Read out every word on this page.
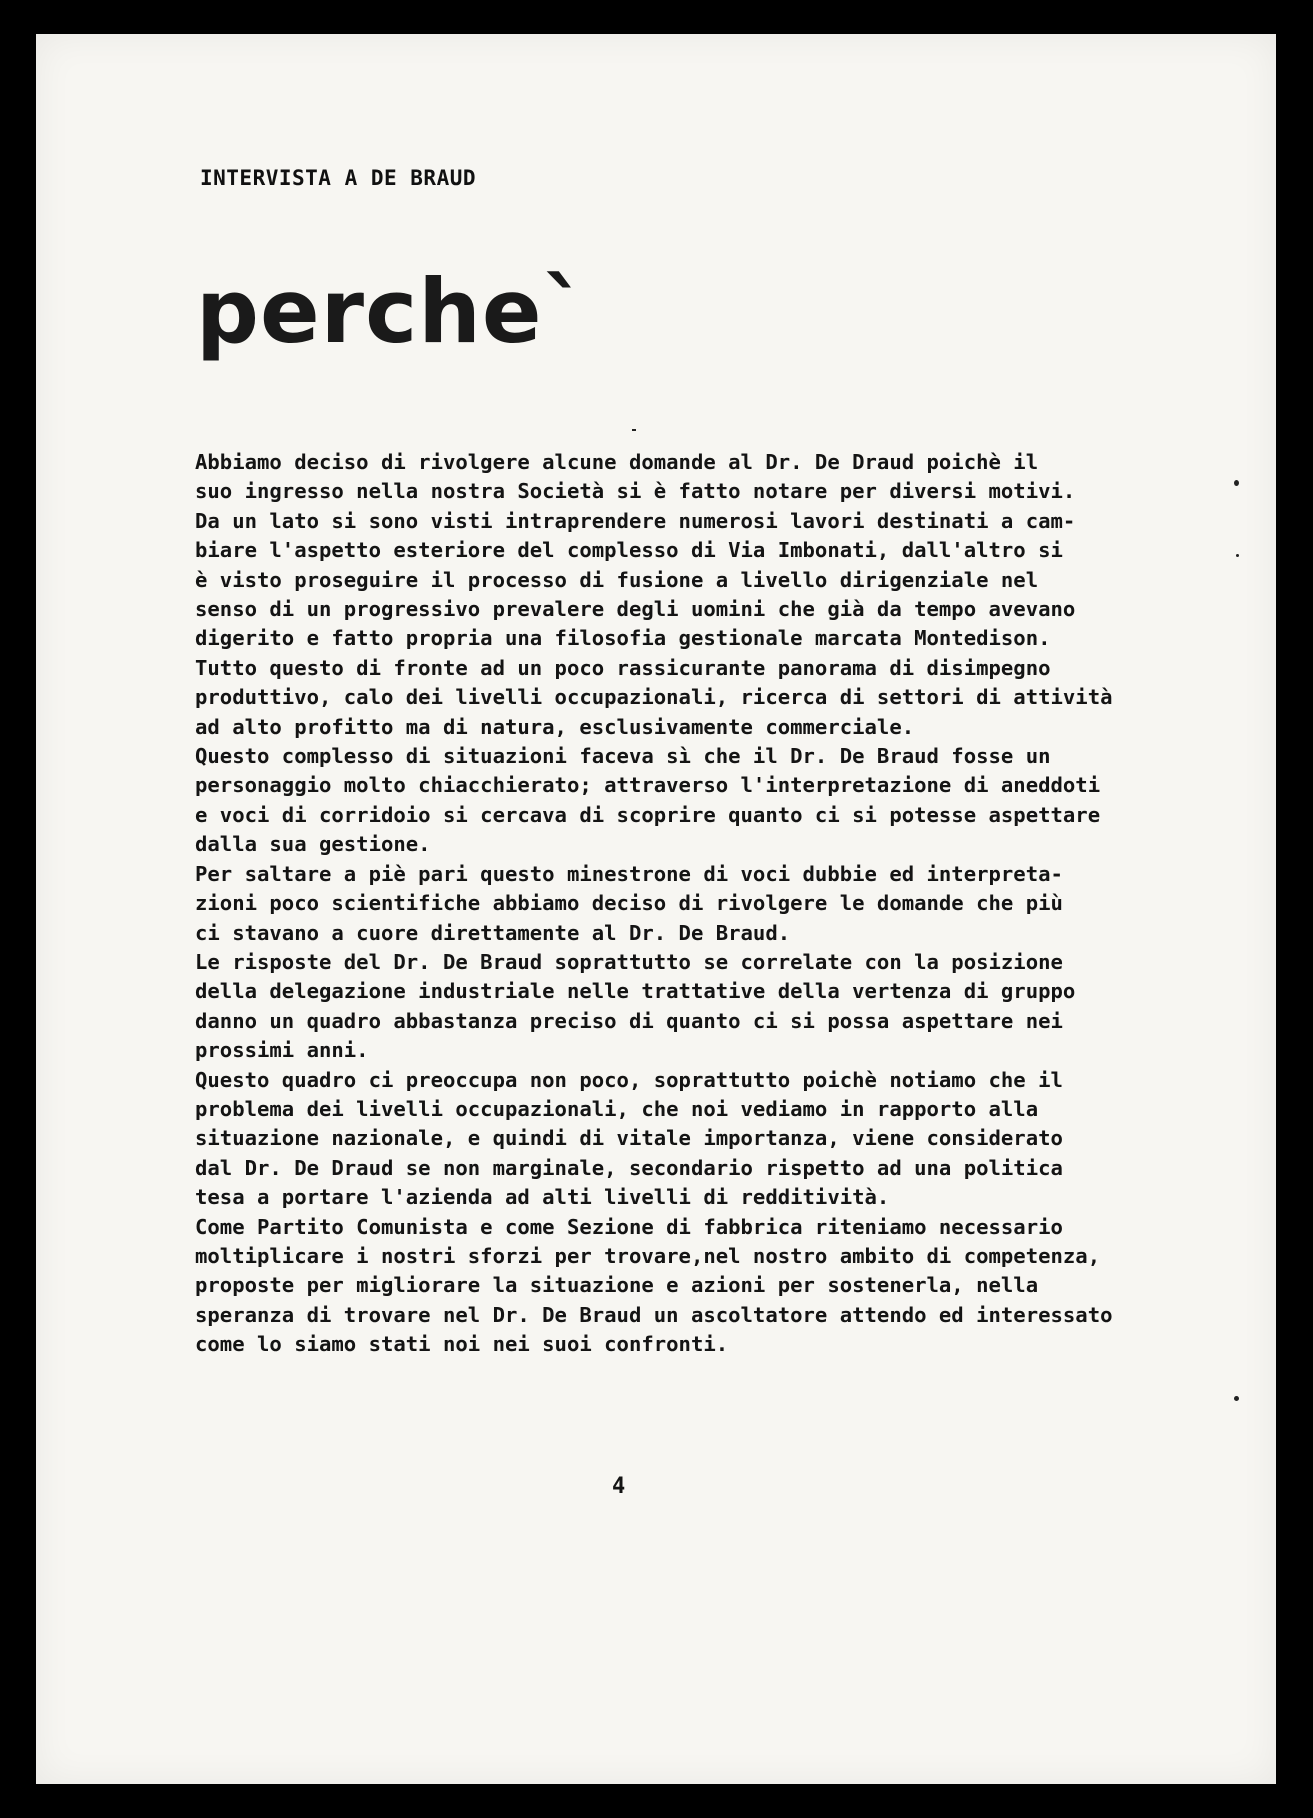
INTERVISTA A DE BRAUD
perche`
Abbiamo deciso di rivolgere alcune domande al Dr. De Draud poichè il
suo ingresso nella nostra Società si è fatto notare per diversi motivi.
Da un lato si sono visti intraprendere numerosi lavori destinati a cam-
biare l'aspetto esteriore del complesso di Via Imbonati, dall'altro si
è visto proseguire il processo di fusione a livello dirigenziale nel
senso di un progressivo prevalere degli uomini che già da tempo avevano
digerito e fatto propria una filosofia gestionale marcata Montedison.
Tutto questo di fronte ad un poco rassicurante panorama di disimpegno
produttivo, calo dei livelli occupazionali, ricerca di settori di attività
ad alto profitto ma di natura, esclusivamente commerciale.
Questo complesso di situazioni faceva sì che il Dr. De Braud fosse un
personaggio molto chiacchierato; attraverso l'interpretazione di aneddoti
e voci di corridoio si cercava di scoprire quanto ci si potesse aspettare
dalla sua gestione.
Per saltare a piè pari questo minestrone di voci dubbie ed interpreta-
zioni poco scientifiche abbiamo deciso di rivolgere le domande che più
ci stavano a cuore direttamente al Dr. De Braud.
Le risposte del Dr. De Braud soprattutto se correlate con la posizione
della delegazione industriale nelle trattative della vertenza di gruppo
danno un quadro abbastanza preciso di quanto ci si possa aspettare nei
prossimi anni.
Questo quadro ci preoccupa non poco, soprattutto poichè notiamo che il
problema dei livelli occupazionali, che noi vediamo in rapporto alla
situazione nazionale, e quindi di vitale importanza, viene considerato
dal Dr. De Draud se non marginale, secondario rispetto ad una politica
tesa a portare l'azienda ad alti livelli di redditività.
Come Partito Comunista e come Sezione di fabbrica riteniamo necessario
moltiplicare i nostri sforzi per trovare,nel nostro ambito di competenza,
proposte per migliorare la situazione e azioni per sostenerla, nella
speranza di trovare nel Dr. De Braud un ascoltatore attendo ed interessato
come lo siamo stati noi nei suoi confronti.
4
